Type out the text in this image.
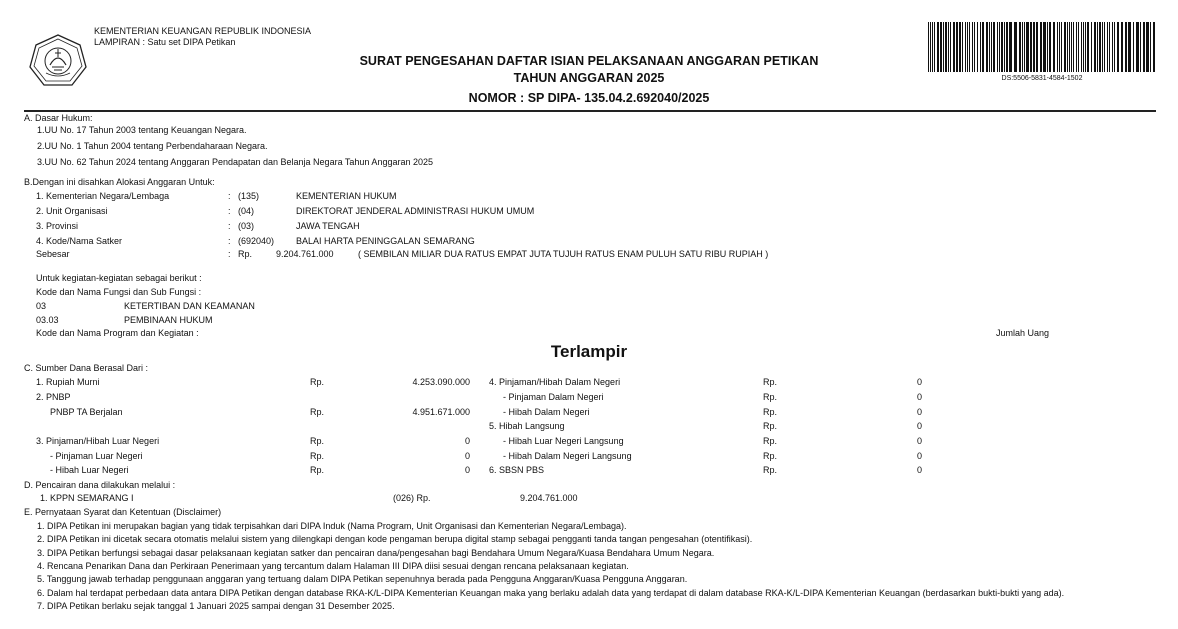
KEMENTERIAN KEUANGAN REPUBLIK INDONESIA
LAMPIRAN : Satu set DIPA Petikan
SURAT PENGESAHAN DAFTAR ISIAN PELAKSANAAN ANGGARAN PETIKAN
TAHUN ANGGARAN 2025
NOMOR : SP DIPA- 135.04.2.692040/2025
DS:5506-5831-4584-1502
A. Dasar Hukum:
1.UU No. 17 Tahun 2003 tentang Keuangan Negara.
2.UU No. 1 Tahun 2004 tentang Perbendaharaan Negara.
3.UU No. 62 Tahun 2024 tentang Anggaran Pendapatan dan Belanja Negara Tahun Anggaran 2025
B.Dengan ini disahkan Alokasi Anggaran Untuk:
1. Kementerian Negara/Lembaga	: (135)	KEMENTERIAN HUKUM
2. Unit Organisasi	: (04)	DIREKTORAT JENDERAL ADMINISTRASI HUKUM UMUM
3. Provinsi	: (03)	JAWA TENGAH
4. Kode/Nama Satker	: (692040) BALAI HARTA PENINGGALAN SEMARANG
Sebesar	: Rp.	9.204.761.000	( SEMBILAN MILIAR DUA RATUS EMPAT JUTA TUJUH RATUS ENAM PULUH SATU RIBU RUPIAH )
Untuk kegiatan-kegiatan sebagai berikut :
Kode dan Nama Fungsi dan Sub Fungsi :
03	KETERTIBAN DAN KEAMANAN
03.03	PEMBINAAN HUKUM
Kode dan Nama Program dan Kegiatan :	Jumlah Uang
Terlampir
C. Sumber Dana Berasal Dari :
1. Rupiah Murni	Rp.	4.253.090.000
2. PNBP
PNBP TA Berjalan	Rp.	4.951.671.000
3. Pinjaman/Hibah Luar Negeri	Rp.	0
- Pinjaman Luar Negeri	Rp.	0
- Hibah Luar Negeri	Rp.	0
4. Pinjaman/Hibah Dalam Negeri	Rp.	0
- Pinjaman Dalam Negeri	Rp.	0
- Hibah Dalam Negeri	Rp.	0
5. Hibah Langsung	Rp.	0
- Hibah Luar Negeri Langsung	Rp.	0
- Hibah Dalam Negeri Langsung	Rp.	0
6. SBSN PBS	Rp.	0
D. Pencairan dana dilakukan melalui :
1. KPPN SEMARANG I	(026) Rp.	9.204.761.000
E. Pernyataan Syarat dan Ketentuan (Disclaimer)
1. DIPA Petikan ini merupakan bagian yang tidak terpisahkan dari DIPA Induk (Nama Program, Unit Organisasi dan Kementerian Negara/Lembaga).
2. DIPA Petikan ini dicetak secara otomatis melalui sistem yang dilengkapi dengan kode pengaman berupa digital stamp sebagai pengganti tanda tangan pengesahan (otentifikasi).
3. DIPA Petikan berfungsi sebagai dasar pelaksanaan kegiatan satker dan pencairan dana/pengesahan bagi Bendahara Umum Negara/Kuasa Bendahara Umum Negara.
4. Rencana Penarikan Dana dan Perkiraan Penerimaan yang tercantum dalam Halaman III DIPA diisi sesuai dengan rencana pelaksanaan kegiatan.
5. Tanggung jawab terhadap penggunaan anggaran yang tertuang dalam DIPA Petikan sepenuhnya berada pada Pengguna Anggaran/Kuasa Pengguna Anggaran.
6. Dalam hal terdapat perbedaan data antara DIPA Petikan dengan database RKA-K/L-DIPA Kementerian Keuangan maka yang berlaku adalah data yang terdapat di dalam database RKA-K/L-DIPA Kementerian Keuangan (berdasarkan bukti-bukti yang ada).
7. DIPA Petikan berlaku sejak tanggal 1 Januari 2025 sampai dengan 31 Desember 2025.
